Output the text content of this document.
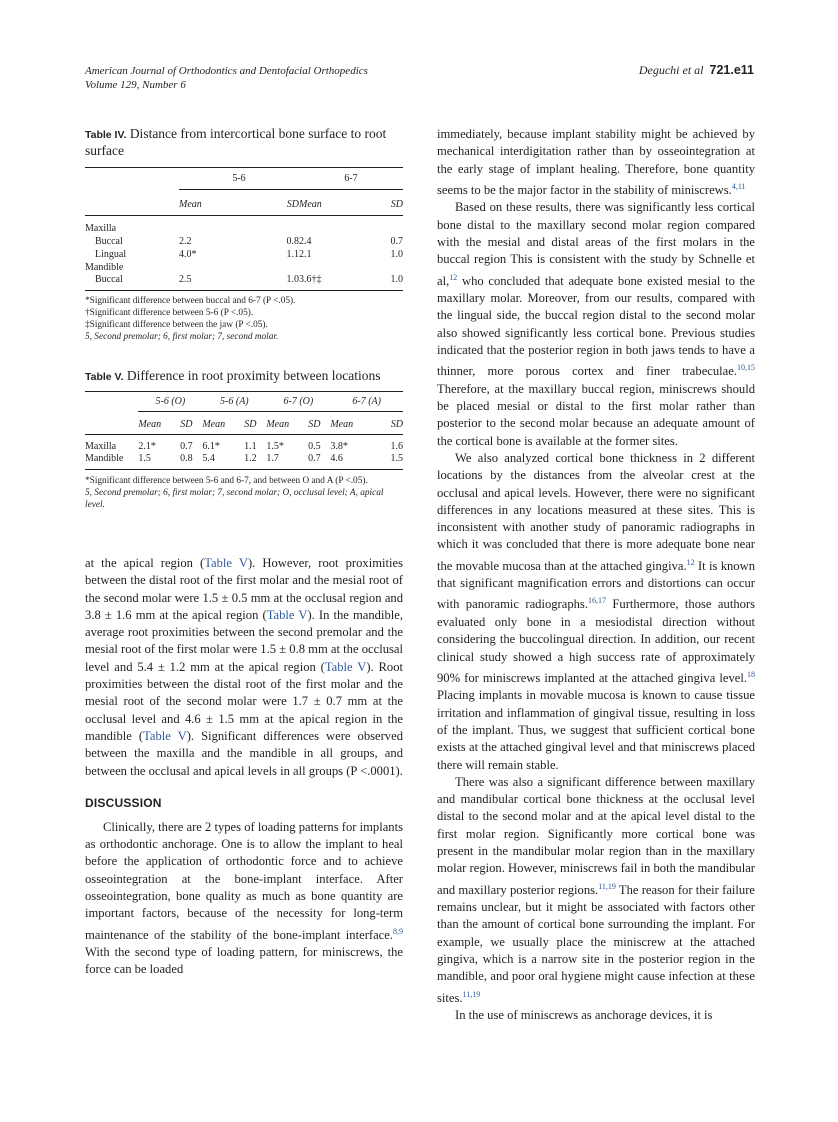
American Journal of Orthodontics and Dentofacial Orthopedics
Volume 129, Number 6
Deguchi et al 721.e11

Table IV. Distance from intercortical bone surface to root surface

	5-6			6-7	

	Mean		SD	Mean	SD

Maxilla					
Buccal	2.2		0.8	2.4	0.7
Lingual	4.0*		1.1	2.1	1.0
Mandible					
Buccal	2.5		1.0	3.6†‡	1.0

*Significant difference between buccal and 6-7 (P <.05).

†Significant difference between 5-6 (P <.05).

‡Significant difference between the jaw (P <.05).

5, Second premolar; 6, first molar; 7, second molar.

Table V. Difference in root proximity between locations

	5-6 (O)		5-6 (A)		6-7 (O)		6-7 (A)	

	Mean	SD	Mean	SD	Mean	SD	Mean	SD

Maxilla	2.1*	0.7	6.1*	1.1	1.5*	0.5	3.8*	1.6
Mandible	1.5	0.8	5.4	1.2	1.7	0.7	4.6	1.5

*Significant difference between 5-6 and 6-7, and between O and A (P <.05).

5, Second premolar; 6, first molar; 7, second molar; O, occlusal level; A, apical level.

at the apical region (Table V). However, root proximities between the distal root of the first molar and the mesial root of the second molar were 1.5 ± 0.5 mm at the occlusal region and 3.8 ± 1.6 mm at the apical region (Table V). In the mandible, average root proximities between the second premolar and the mesial root of the first molar were 1.5 ± 0.8 mm at the occlusal level and 5.4 ± 1.2 mm at the apical region (Table V). Root proximities between the distal root of the first molar and the mesial root of the second molar were 1.7 ± 0.7 mm at the occlusal level and 4.6 ± 1.5 mm at the apical region in the mandible (Table V). Significant differences were observed between the maxilla and the mandible in all groups, and between the occlusal and apical levels in all groups (P <.0001).

DISCUSSION

Clinically, there are 2 types of loading patterns for implants as orthodontic anchorage. One is to allow the implant to heal before the application of orthodontic force and to achieve osseointegration at the bone-implant interface. After osseointegration, bone quality as much as bone quantity are important factors, because of the necessity for long-term maintenance of the stability of the bone-implant interface.$^{8,9}$ With the second type of loading pattern, for miniscrews, the force can be loaded

immediately, because implant stability might be achieved by mechanical interdigitation rather than by osseointegration at the early stage of implant healing. Therefore, bone quantity seems to be the major factor in the stability of miniscrews.$^{4,11}$

Based on these results, there was significantly less cortical bone distal to the maxillary second molar region compared with the mesial and distal areas of the first molars in the buccal region This is consistent with the study by Schnelle et al,$^{12}$ who concluded that adequate bone existed mesial to the maxillary molar. Moreover, from our results, compared with the lingual side, the buccal region distal to the second molar also showed significantly less cortical bone. Previous studies indicated that the posterior region in both jaws tends to have a thinner, more porous cortex and finer trabeculae.$^{10,15}$ Therefore, at the maxillary buccal region, miniscrews should be placed mesial or distal to the first molar rather than posterior to the second molar because an adequate amount of the cortical bone is available at the former sites.

We also analyzed cortical bone thickness in 2 different locations by the distances from the alveolar crest at the occlusal and apical levels. However, there were no significant differences in any locations measured at these sites. This is inconsistent with another study of panoramic radiographs in which it was concluded that there is more adequate bone near the movable mucosa than at the attached gingiva.$^{12}$ It is known that significant magnification errors and distortions can occur with panoramic radiographs.$^{16,17}$ Furthermore, those authors evaluated only bone in a mesiodistal direction without considering the buccolingual direction. In addition, our recent clinical study showed a high success rate of approximately 90% for miniscrews implanted at the attached gingiva level.$^{18}$ Placing implants in movable mucosa is known to cause tissue irritation and inflammation of gingival tissue, resulting in loss of the implant. Thus, we suggest that sufficient cortical bone exists at the attached gingival level and that miniscrews placed there will remain stable.

There was also a significant difference between maxillary and mandibular cortical bone thickness at the occlusal level distal to the second molar and at the apical level distal to the first molar region. Significantly more cortical bone was present in the mandibular molar region than in the maxillary molar region. However, miniscrews fail in both the mandibular and maxillary posterior regions.$^{11,19}$ The reason for their failure remains unclear, but it might be associated with factors other than the amount of cortical bone surrounding the implant. For example, we usually place the miniscrew at the attached gingiva, which is a narrow site in the posterior region in the mandible, and poor oral hygiene might cause infection at these sites.$^{11,19}$

In the use of miniscrews as anchorage devices, it is
